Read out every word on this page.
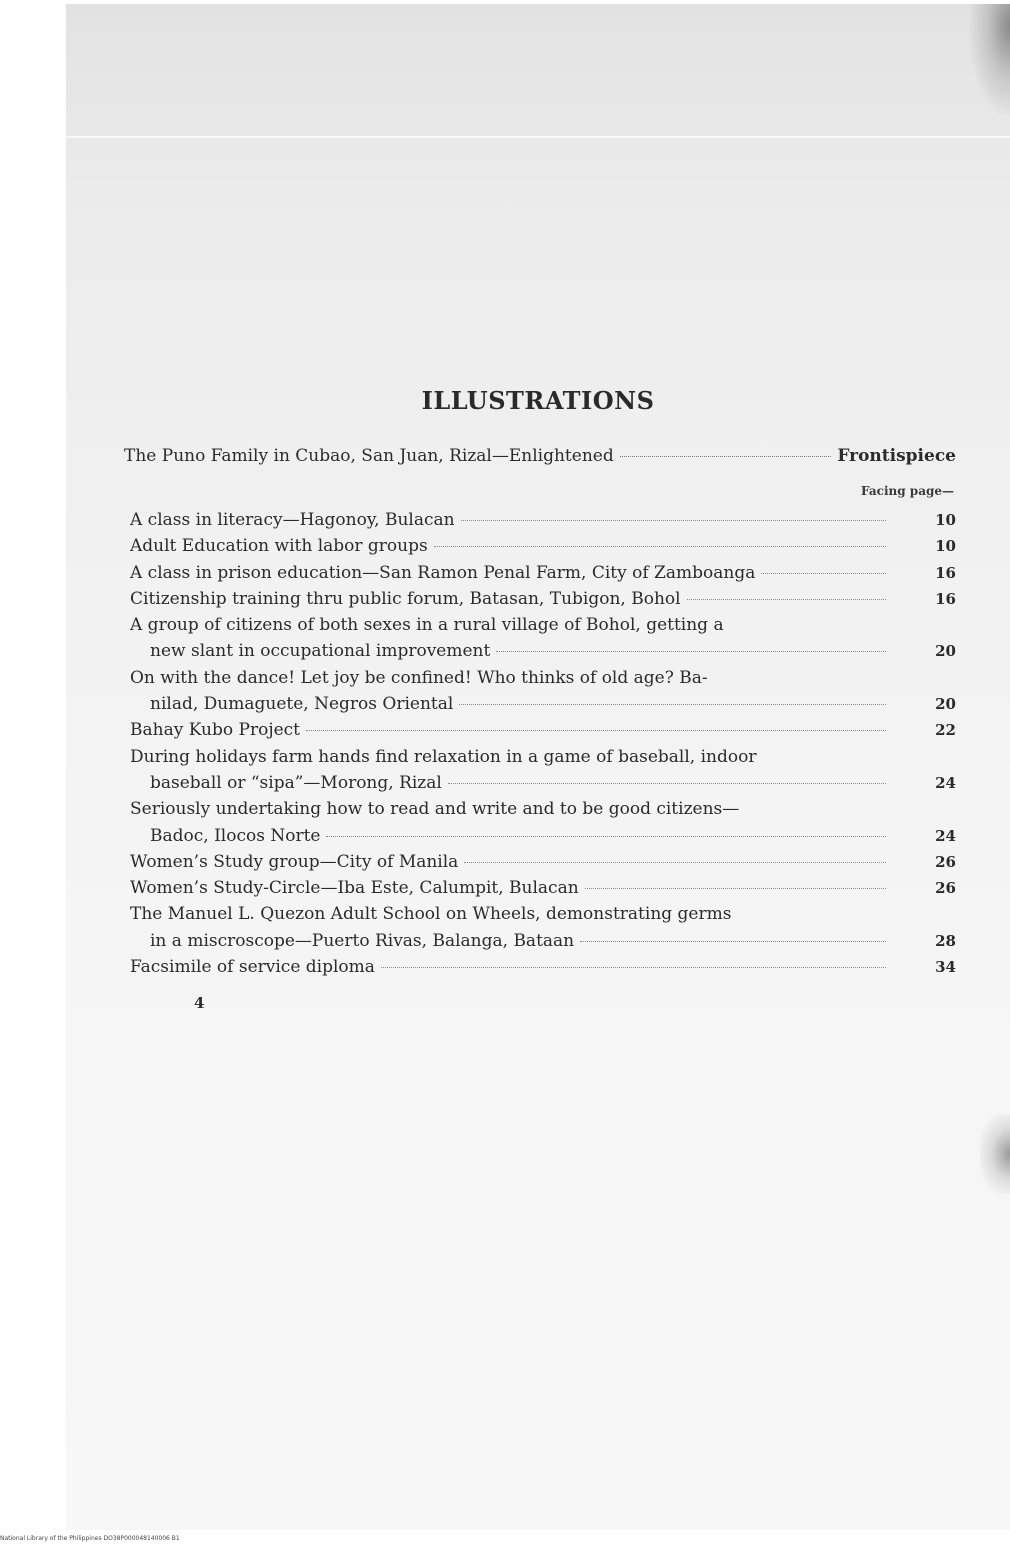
ILLUSTRATIONS
The Puno Family in Cubao, San Juan, Rizal—Enlightened	Frontispiece
Facing page—
A class in literacy—Hagonoy, Bulacan	10
Adult Education with labor groups	10
A class in prison education—San Ramon Penal Farm, City of Zamboanga	16
Citizenship training thru public forum, Batasan, Tubigon, Bohol	16
A group of citizens of both sexes in a rural village of Bohol, getting a
new slant in occupational improvement	20
On with the dance! Let joy be confined! Who thinks of old age? Ba-
nilad, Dumaguete, Negros Oriental	20
Bahay Kubo Project	22
During holidays farm hands find relaxation in a game of baseball, indoor
baseball or “sipa”—Morong, Rizal	24
Seriously undertaking how to read and write and to be good citizens—
Badoc, Ilocos Norte	24
Women’s Study group—City of Manila	26
Women’s Study-Circle—Iba Este, Calumpit, Bulacan	26
The Manuel L. Quezon Adult School on Wheels, demonstrating germs
in a miscroscope—Puerto Rivas, Balanga, Bataan	28
Facsimile of service diploma	34
4
National Library of the Philippines DO38P000048140006 B1
